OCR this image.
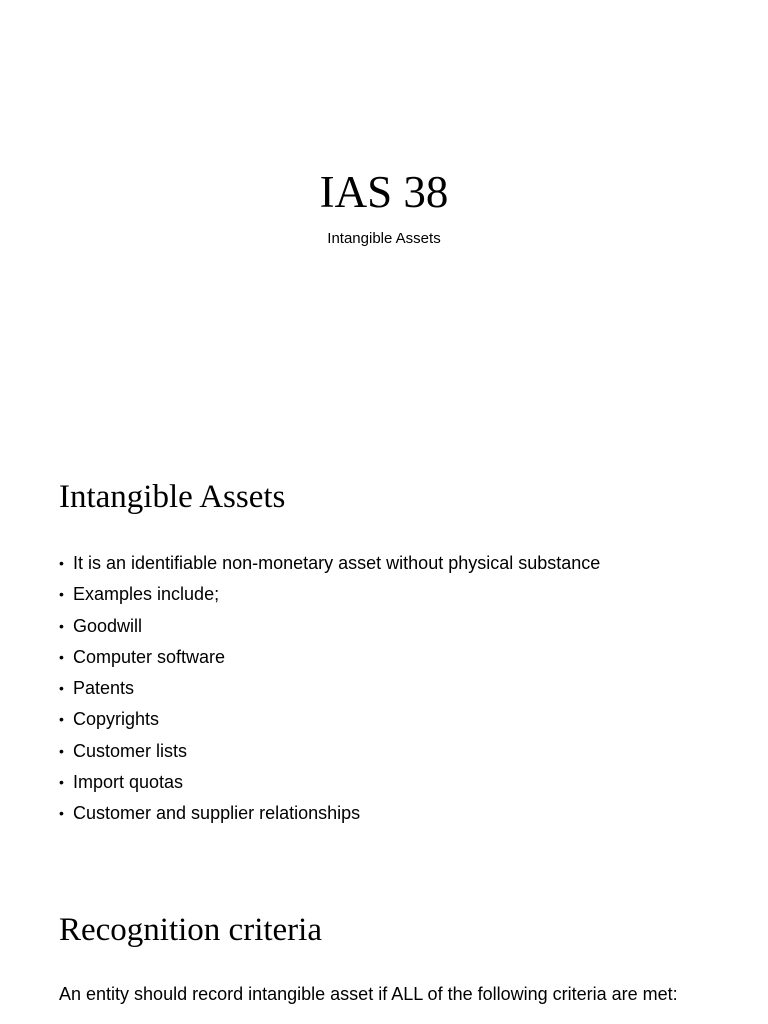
IAS 38

Intangible Assets

Intangible Assets
• It is an identifiable non-monetary asset without physical substance
• Examples include;
• Goodwill
• Computer software
• Patents
• Copyrights
• Customer lists
• Import quotas
• Customer and supplier relationships
Recognition criteria

An entity should record intangible asset if ALL of the following criteria are met:
